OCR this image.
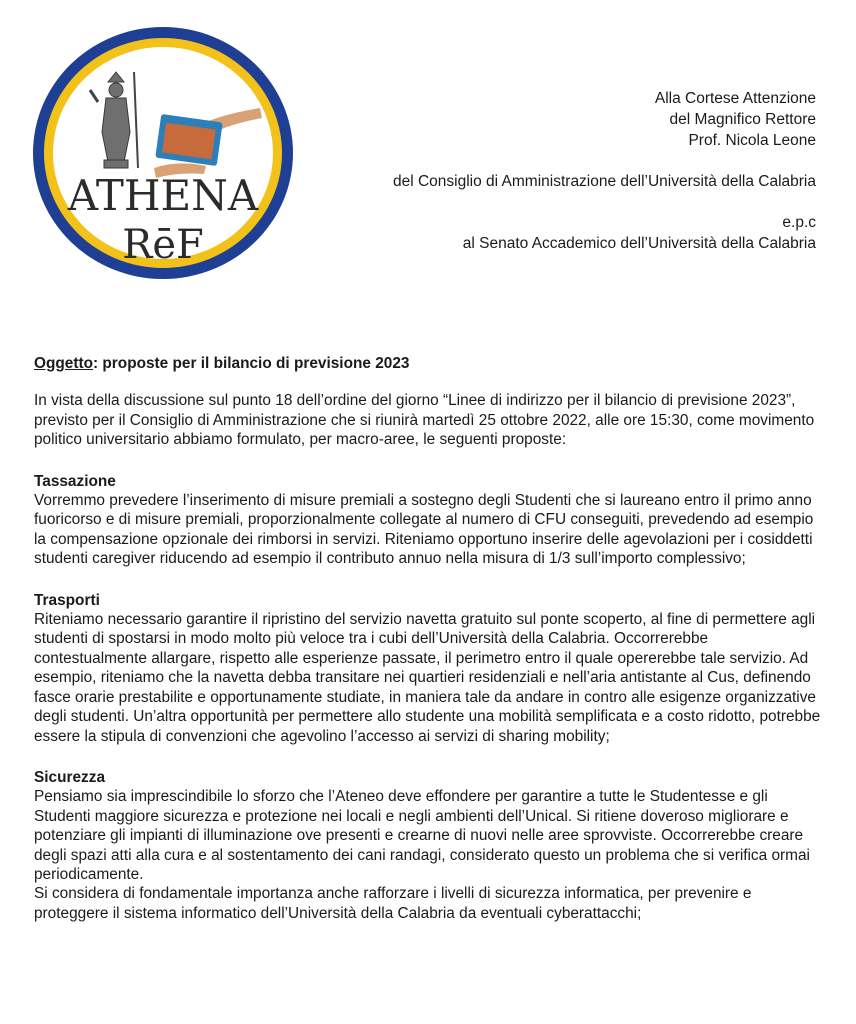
ATHENA
RēF
Alla Cortese Attenzione
del Magnifico Rettore
Prof. Nicola Leone
del Consiglio di Amministrazione dell’Università della Calabria
e.p.c
al Senato Accademico dell’Università della Calabria

Oggetto: proposte per il bilancio di previsione 2023

In vista della discussione sul punto 18 dell’ordine del giorno “Linee di indirizzo per il bilancio di previsione 2023”, previsto per il Consiglio di Amministrazione che si riunirà martedì 25 ottobre 2022, alle ore 15:30, come movimento politico universitario abbiamo formulato, per macro-aree, le seguenti proposte:

Tassazione

Vorremmo prevedere l’inserimento di misure premiali a sostegno degli Studenti che si laureano entro il primo anno fuoricorso e di misure premiali, proporzionalmente collegate al numero di CFU conseguiti, prevedendo ad esempio la compensazione opzionale dei rimborsi in servizi. Riteniamo opportuno inserire delle agevolazioni per i cosiddetti studenti caregiver riducendo ad esempio il contributo annuo nella misura di 1/3 sull’importo complessivo;

Trasporti

Riteniamo necessario garantire il ripristino del servizio navetta gratuito sul ponte scoperto, al fine di permettere agli studenti di spostarsi in modo molto più veloce tra i cubi dell’Università della Calabria. Occorrerebbe contestualmente allargare, rispetto alle esperienze passate, il perimetro entro il quale opererebbe tale servizio. Ad esempio, riteniamo che la navetta debba transitare nei quartieri residenziali e nell’aria antistante al Cus, definendo fasce orarie prestabilite e opportunamente studiate, in maniera tale da andare in contro alle esigenze organizzative degli studenti. Un’altra opportunità per permettere allo studente una mobilità semplificata e a costo ridotto, potrebbe essere la stipula di convenzioni che agevolino l’accesso ai servizi di sharing mobility;

Sicurezza

Pensiamo sia imprescindibile lo sforzo che l’Ateneo deve effondere per garantire a tutte le Studentesse e gli Studenti maggiore sicurezza e protezione nei locali e negli ambienti dell’Unical. Si ritiene doveroso migliorare e potenziare gli impianti di illuminazione ove presenti e crearne di nuovi nelle aree sprovviste. Occorrerebbe creare degli spazi atti alla cura e al sostentamento dei cani randagi, considerato questo un problema che si verifica ormai periodicamente.

Si considera di fondamentale importanza anche rafforzare i livelli di sicurezza informatica, per prevenire e proteggere il sistema informatico dell’Università della Calabria da eventuali cyberattacchi;
